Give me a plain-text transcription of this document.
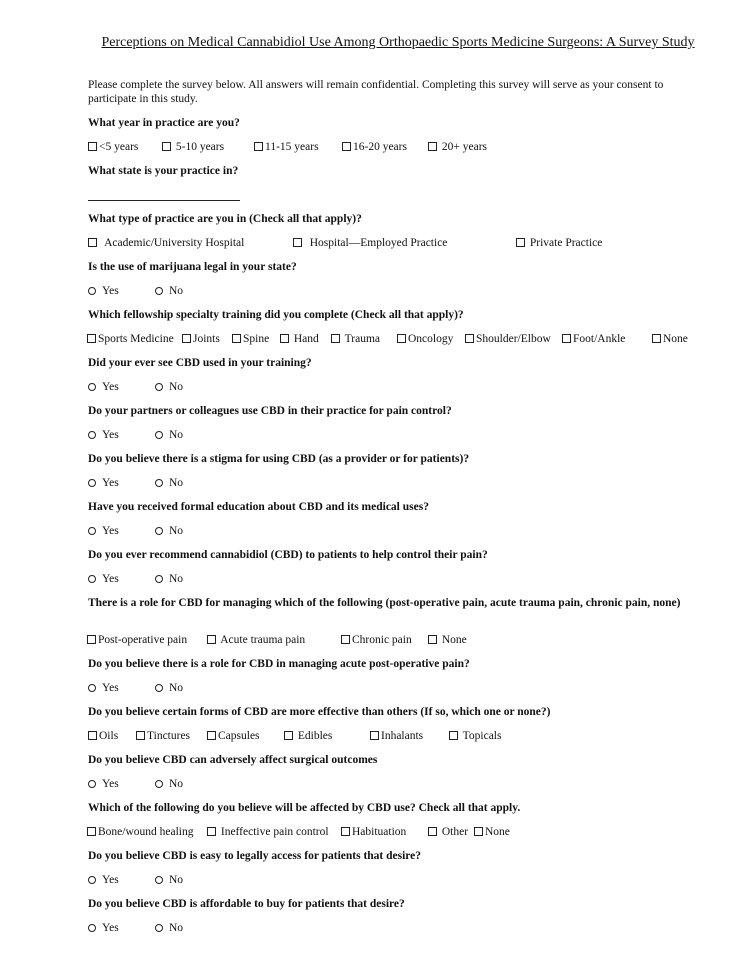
Perceptions on Medical Cannabidiol Use Among Orthopaedic Sports Medicine Surgeons: A Survey Study
Please complete the survey below. All answers will remain confidential. Completing this survey will serve as your consent to participate in this study.
What year in practice are you?
<5 years	5-10 years	11-15 years	16-20 years	20+ years
What state is your practice in?
What type of practice are you in (Check all that apply)?
Academic/University Hospital	Hospital—Employed Practice	Private Practice
Is the use of marijuana legal in your state?
Yes	No
Which fellowship specialty training did you complete (Check all that apply)?
Sports Medicine	Joints	Spine	Hand	Trauma	Oncology	Shoulder/Elbow	Foot/Ankle	None
Did your ever see CBD used in your training?
Yes	No
Do your partners or colleagues use CBD in their practice for pain control?
Yes	No
Do you believe there is a stigma for using CBD (as a provider or for patients)?
Yes	No
Have you received formal education about CBD and its medical uses?
Yes	No
Do you ever recommend cannabidiol (CBD) to patients to help control their pain?
Yes	No
There is a role for CBD for managing which of the following (post-operative pain, acute trauma pain, chronic pain, none)
Post-operative pain	Acute trauma pain	Chronic pain	None
Do you believe there is a role for CBD in managing acute post-operative pain?
Yes	No
Do you believe certain forms of CBD are more effective than others (If so, which one or none?)
Oils	Tinctures	Capsules	Edibles	Inhalants	Topicals
Do you believe CBD can adversely affect surgical outcomes
Yes	No
Which of the following do you believe will be affected by CBD use? Check all that apply.
Bone/wound healing	Ineffective pain control	Habituation	Other	None
Do you believe CBD is easy to legally access for patients that desire?
Yes	No
Do you believe CBD is affordable to buy for patients that desire?
Yes	No
